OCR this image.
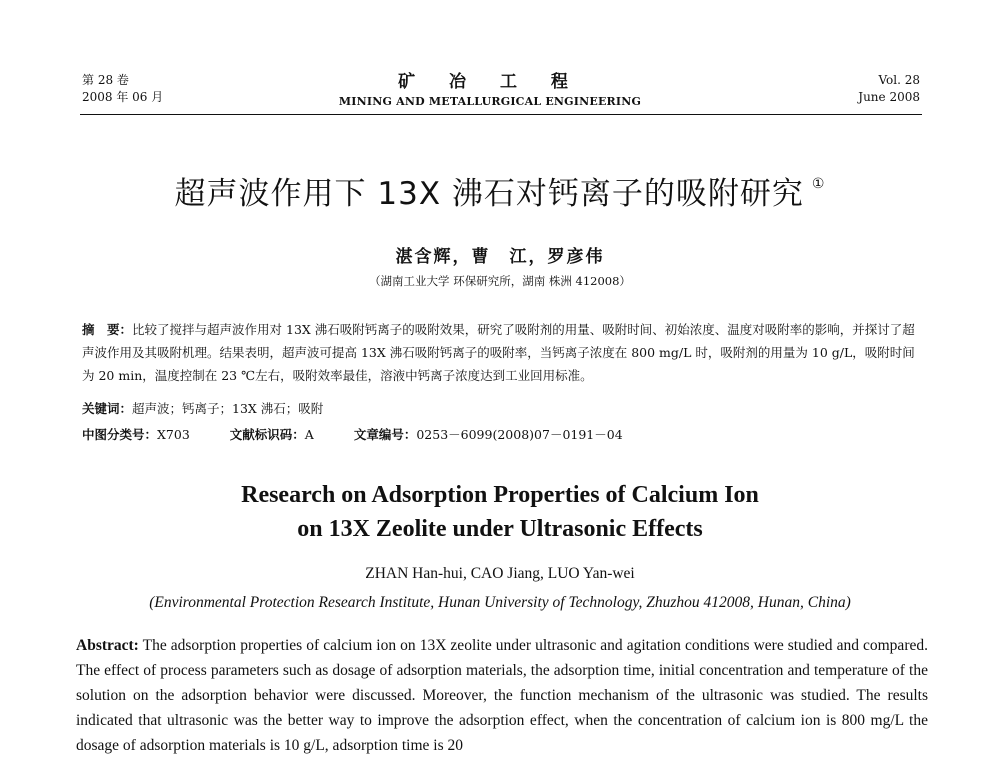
第 28 卷
2008 年 06 月
矿 冶 工 程
MINING AND METALLURGICAL ENGINEERING
Vol. 28
June 2008
超声波作用下 13X 沸石对钙离子的吸附研究 ①
湛含辉，曹　江，罗彦伟
（湖南工业大学 环保研究所，湖南 株洲 412008）
摘　要：比较了搅拌与超声波作用对 13X 沸石吸附钙离子的吸附效果，研究了吸附剂的用量、吸附时间、初始浓度、温度对吸附率的影响，并探讨了超声波作用及其吸附机理。结果表明，超声波可提高 13X 沸石吸附钙离子的吸附率，当钙离子浓度在 800 mg/L 时，吸附剂的用量为 10 g/L，吸附时间为 20 min，温度控制在 23 ℃左右，吸附效率最佳，溶液中钙离子浓度达到工业回用标准。
关键词：超声波；钙离子；13X 沸石；吸附
中图分类号：X703	文献标识码：A	文章编号：0253－6099(2008)07－0191－04
Research on Adsorption Properties of Calcium Ion
on 13X Zeolite under Ultrasonic Effects
ZHAN Han-hui, CAO Jiang, LUO Yan-wei
(Environmental Protection Research Institute, Hunan University of Technology, Zhuzhou 412008, Hunan, China)
Abstract: The adsorption properties of calcium ion on 13X zeolite under ultrasonic and agitation conditions were studied and compared. The effect of process parameters such as dosage of adsorption materials, the adsorption time, initial concentration and temperature of the solution on the adsorption behavior were discussed. Moreover, the function mechanism of the ultrasonic was studied. The results indicated that ultrasonic was the better way to improve the adsorption effect, when the concentration of calcium ion is 800 mg/L the dosage of adsorption materials is 10 g/L, adsorption time is 20
